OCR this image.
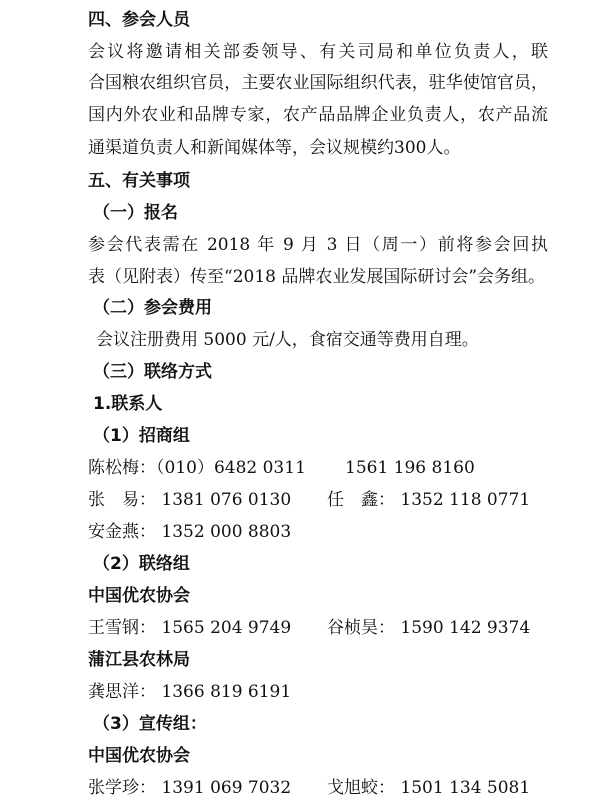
四、参会人员
会议将邀请相关部委领导、有关司局和单位负责人，联
合国粮农组织官员，主要农业国际组织代表，驻华使馆官员，
国内外农业和品牌专家，农产品品牌企业负责人，农产品流
通渠道负责人和新闻媒体等，会议规模约300人。
五、有关事项
（一）报名
参会代表需在 2018 年 9 月 3 日（周一）前将参会回执
表（见附表）传至“2018 品牌农业发展国际研讨会”会务组。
（二）参会费用
会议注册费用 5000 元/人，食宿交通等费用自理。
（三）联络方式
1.联系人
（1）招商组
陈松梅：（010）6482 0311 1561 196 8160
张　易： 1381 076 0130 任　鑫： 1352 118 0771
安金燕： 1352 000 8803
（2）联络组
中国优农协会
王雪钢： 1565 204 9749 谷桢昊： 1590 142 9374
蒲江县农林局
龚思洋： 1366 819 6191
（3）宣传组：
中国优农协会
张学珍： 1391 069 7032 戈旭蛟： 1501 134 5081
